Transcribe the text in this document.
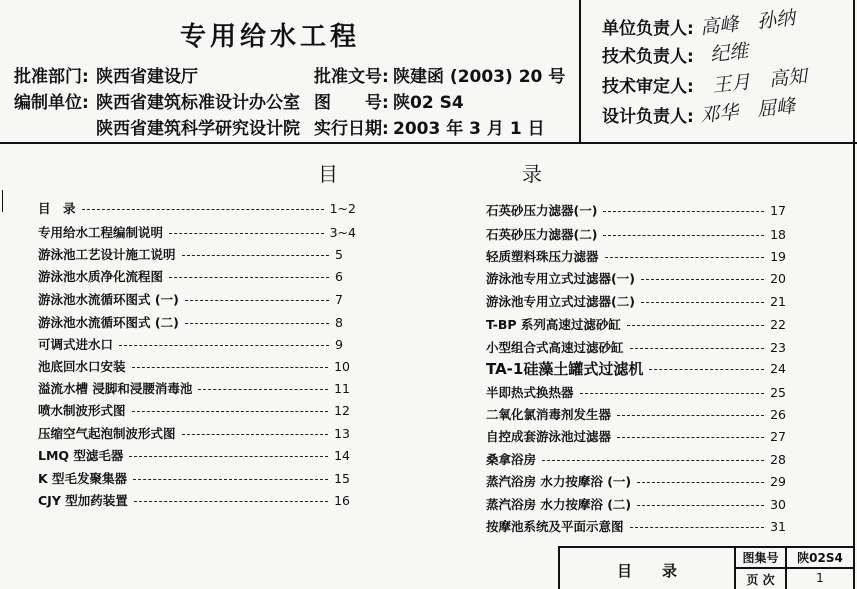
专用给水工程
批准部门: 陕西省建设厅
编制单位: 陕西省建筑标准设计办公室
陕西省建筑科学研究设计院
批准文号: 陕建函 (2003) 20 号
图　　号: 陕02 S4
实行日期: 2003 年 3 月 1 日
单位负责人: 高峰　孙纳
技术负责人: 纪维
技术审定人: 王月　高知
设计负责人: 邓华　屈峰
目	录
目　录	1~2
专用给水工程编制说明	3~4
游泳池工艺设计施工说明	5
游泳池水质净化流程图	6
游泳池水流循环图式 (一)	7
游泳池水流循环图式 (二)	8
可调式进水口	9
池底回水口安装	10
溢流水槽 浸脚和浸腰消毒池	11
喷水制波形式图	12
压缩空气起泡制波形式图	13
LMQ 型滤毛器	14
K 型毛发聚集器	15
CJY 型加药装置	16
石英砂压力滤器(一)	17
石英砂压力滤器(二)	18
轻质塑料珠压力滤器	19
游泳池专用立式过滤器(一)	20
游泳池专用立式过滤器(二)	21
T-BP 系列高速过滤砂缸	22
小型组合式高速过滤砂缸	23
TA-1硅藻土罐式过滤机	24
半即热式换热器	25
二氧化氯消毒剂发生器	26
自控成套游泳池过滤器	27
桑拿浴房	28
蒸汽浴房 水力按摩浴 (一)	29
蒸汽浴房 水力按摩浴 (二)	30
按摩池系统及平面示意图	31
目　　录
图集号	陕02S4
页 次	1
